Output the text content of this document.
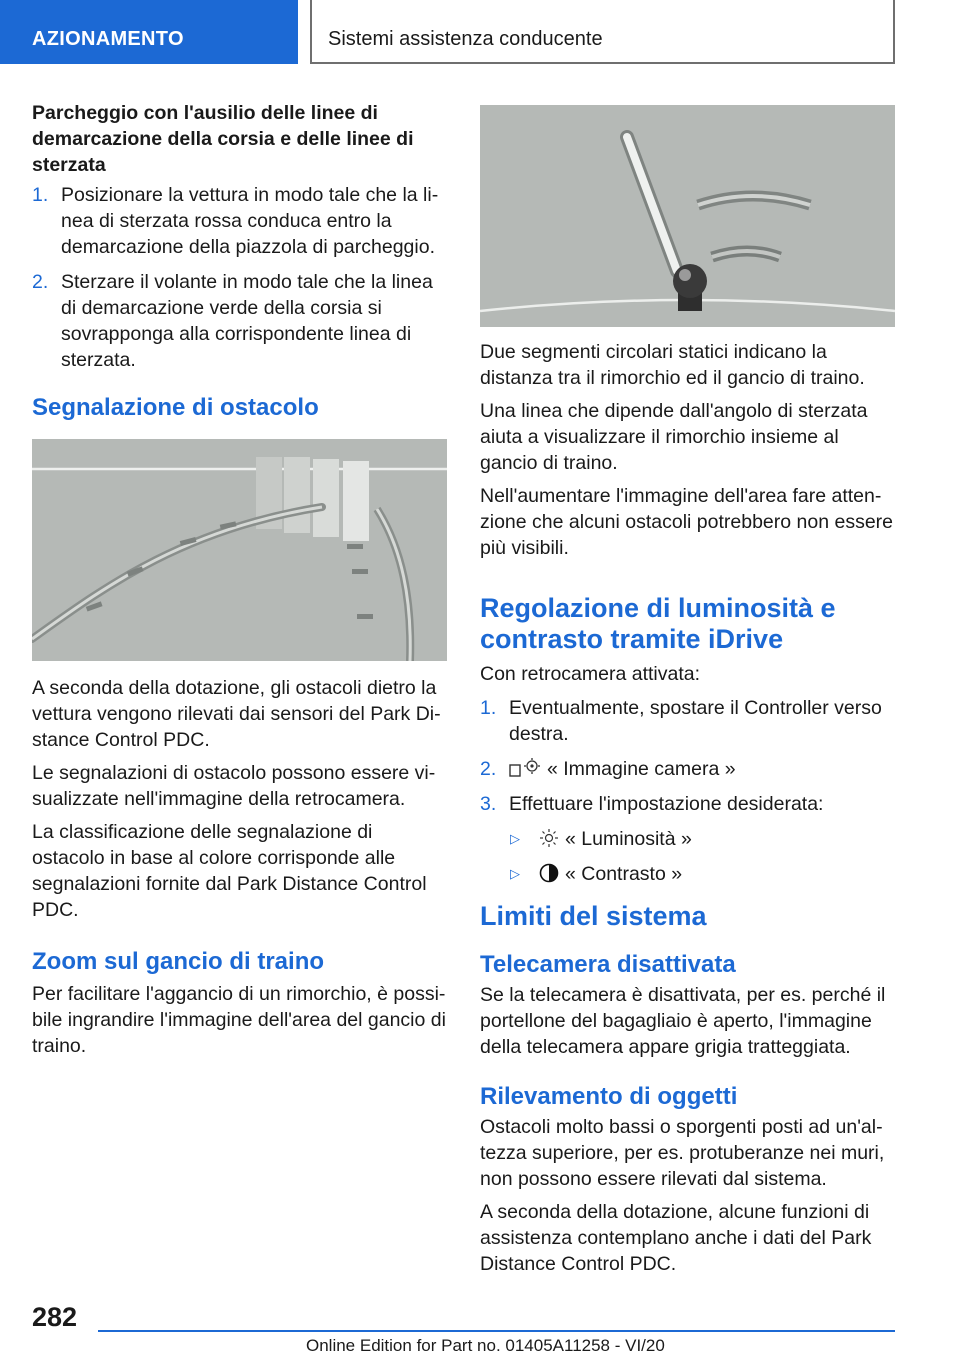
AZIONAMENTO	Sistemi assistenza conducente
Parcheggio con l'ausilio delle linee di demarcazione della corsia e delle linee di sterzata
1. Posizionare la vettura in modo tale che la linea di sterzata rossa conduca entro la demarcazione della piazzola di parcheggio.
2. Sterzare il volante in modo tale che la linea di demarcazione verde della corsia si sovrapponga alla corrispondente linea di sterzata.
Segnalazione di ostacolo

A seconda della dotazione, gli ostacoli dietro la vettura vengono rilevati dai sensori del Park Distance Control PDC.

Le segnalazioni di ostacolo possono essere visualizzate nell'immagine della retrocamera.

La classificazione delle segnalazione di ostacolo in base al colore corrisponde alle segnalazioni fornite dal Park Distance Control PDC.

Zoom sul gancio di traino

Per facilitare l'aggancio di un rimorchio, è possibile ingrandire l'immagine dell'area del gancio di traino.

Due segmenti circolari statici indicano la distanza tra il rimorchio ed il gancio di traino.

Una linea che dipende dall'angolo di sterzata aiuta a visualizzare il rimorchio insieme al gancio di traino.

Nell'aumentare l'immagine dell'area fare attenzione che alcuni ostacoli potrebbero non essere più visibili.

Regolazione di luminosità e contrasto tramite iDrive

Con retrocamera attivata:

1. Eventualmente, spostare il Controller verso destra.
2.	« Immagine camera »
3. Effettuare l'impostazione desiderata:
▷ « Luminosità »
▷ « Contrasto »
Limiti del sistema
Telecamera disattivata

Se la telecamera è disattivata, per es. perché il portellone del bagagliaio è aperto, l'immagine della telecamera appare grigia tratteggiata.

Rilevamento di oggetti

Ostacoli molto bassi o sporgenti posti ad un'altezza superiore, per es. protuberanze nei muri, non possono essere rilevati dal sistema.

A seconda della dotazione, alcune funzioni di assistenza contemplano anche i dati del Park Distance Control PDC.

282
Online Edition for Part no. 01405A11258 - VI/20
